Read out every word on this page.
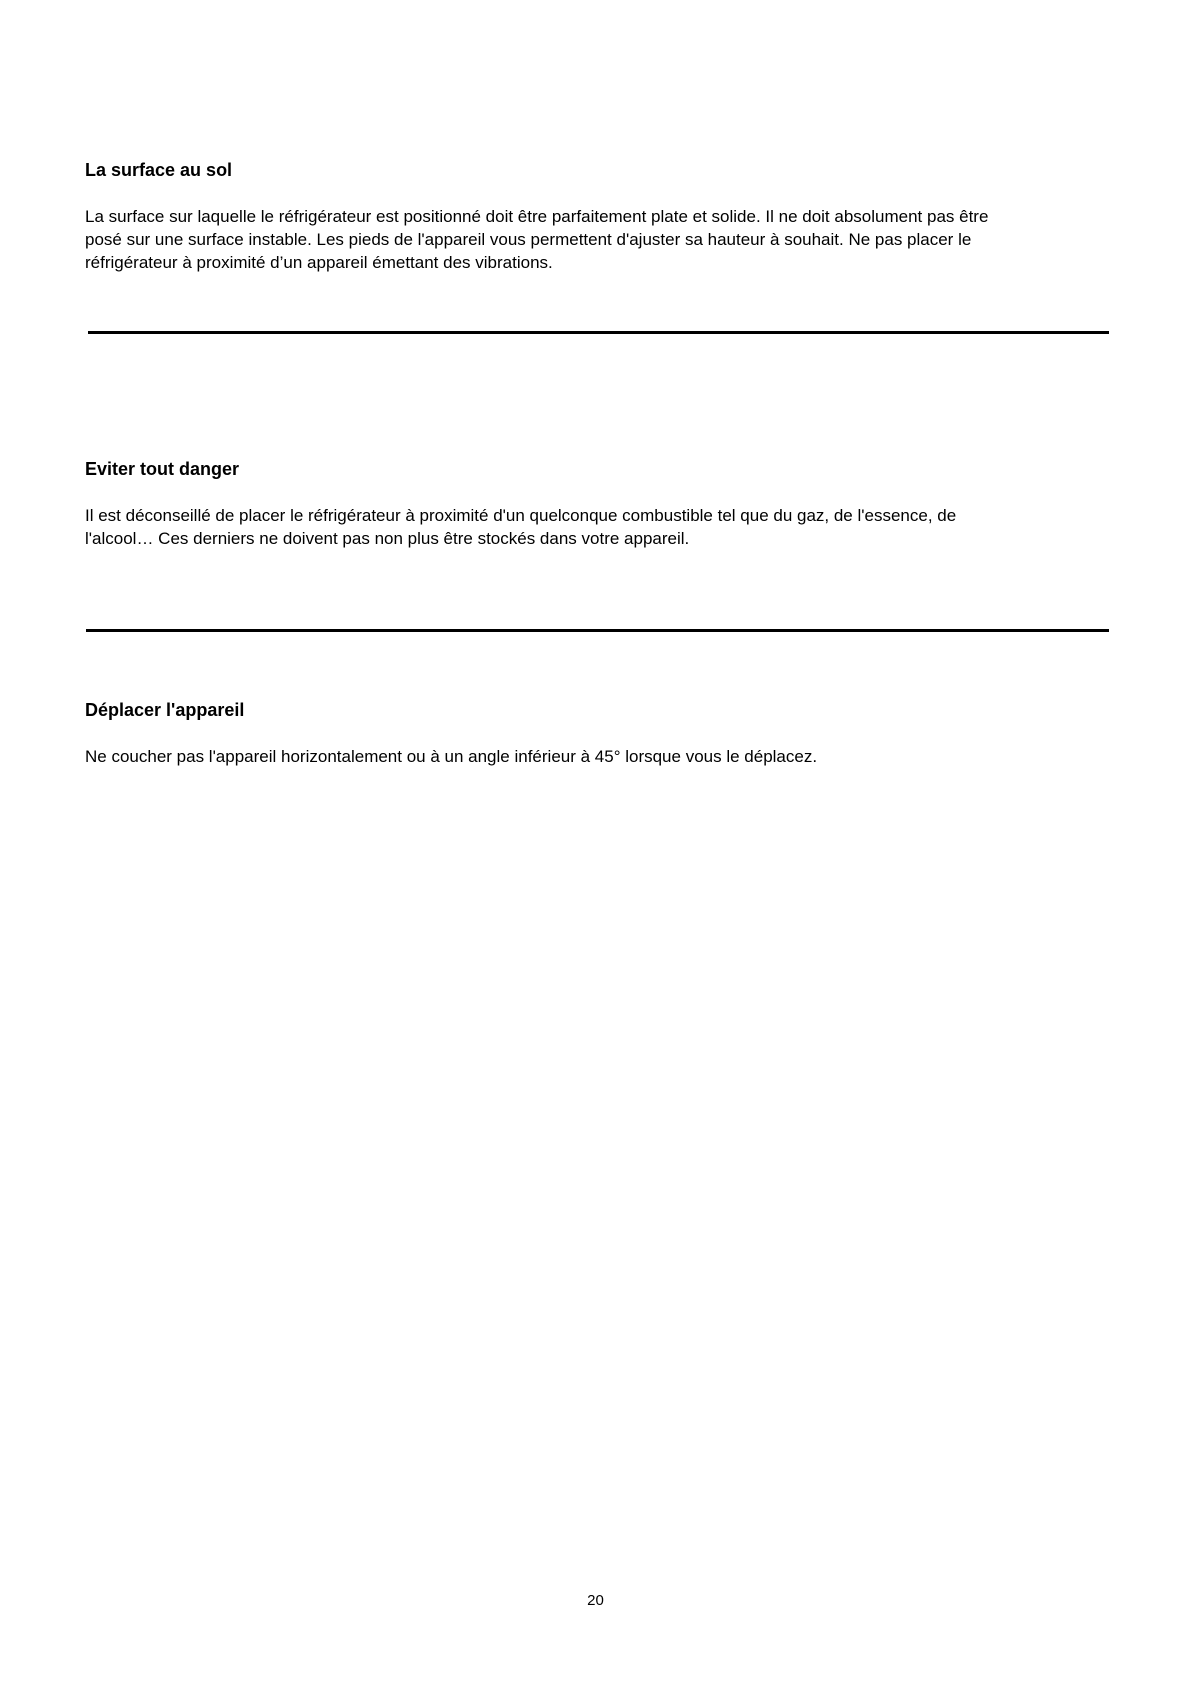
La surface au sol

La surface sur laquelle le réfrigérateur est positionné doit être parfaitement plate et solide. Il ne doit absolument pas être
posé sur une surface instable. Les pieds de l'appareil vous permettent d'ajuster sa hauteur à souhait. Ne pas placer le
réfrigérateur à proximité d’un appareil émettant des vibrations.

Eviter tout danger

Il est déconseillé de placer le réfrigérateur à proximité d'un quelconque combustible tel que du gaz, de l'essence, de
l'alcool… Ces derniers ne doivent pas non plus être stockés dans votre appareil.

Déplacer l'appareil

Ne coucher pas l'appareil horizontalement ou à un angle inférieur à 45° lorsque vous le déplacez.

20
